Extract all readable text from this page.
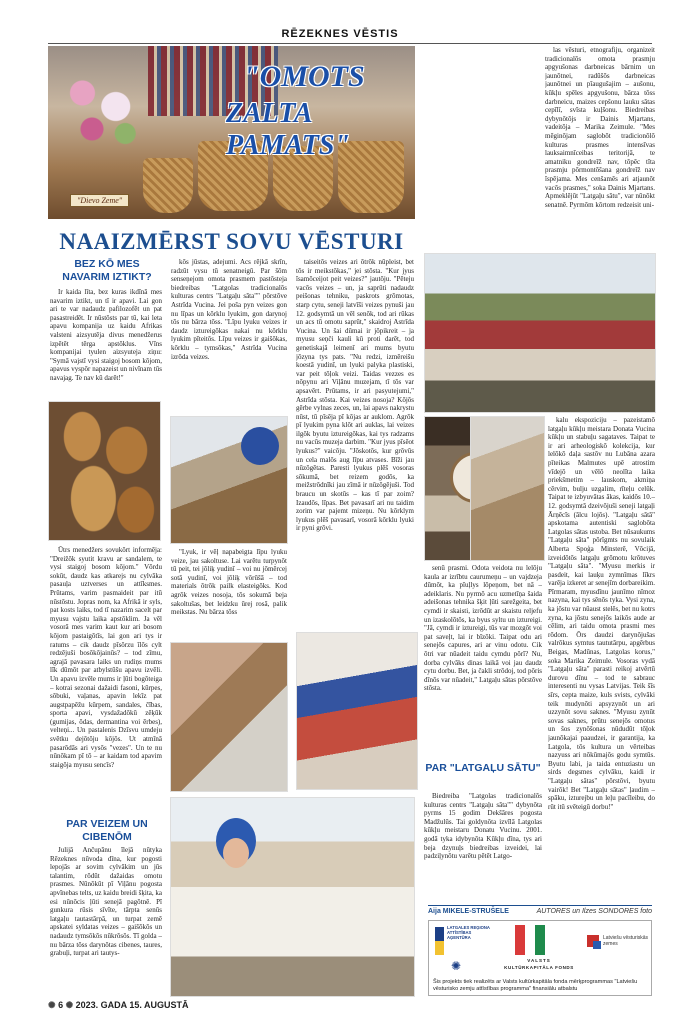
RĒZEKNES VĒSTIS
"OMOTS
ZALTA PAMATS"
"Dievo Zeme"
NAAIZMĒRST SOVU VĒSTURI
BEZ KŌ MES NAVARIM IZTIKT?

Ir kaida līta, bez kuras ikdīnā mes navarim iztikt, un tī ir apavi. Lai gon ari te var nadaudz pafilozofēt un pat pasastreidēt. Ir nūstōsts par tū, kai leta apavu kompanija uz kaidu Afrikas valsteni aizsyutēja divus menedžerus izpētēt tērga apstōklus. Vīns kompanijai tyulen aizsyuteja ziņu: "Symā vajstī vysi staigoj bosom kōjom, apavus vyspōr napazeist un nivīnam tūs navajag. Te nav kū darēt!"

Ūtrs menedžers sovukōrt informēja: "Dreižōk syutit kravu ar sandalem, te vysi staigoj bosom kōjom." Vōrdu sokūt, daudz kas atkarejs nu cylvāka pasauļa uztverses un attīksmes. Prūtams, varim pasmaideit par itū nūstōstu. Jopras nom, ka Afrikā ir syls, pat kosts laiks, tod tī nazarim sacelt par myusu vajstu laika apstōklim. Ja vēl vosorā mes varim kaut kur ari bosom kōjom pastaigōtīs, lai gon ari tys ir ratums – cik daudz pīsōrzu īlōs cylt redzējuši bosōkōjainūs? – tod zīmu, agrajā pavasara laiks un rudiņs mums līk dūmōt par atbylstūšu apavu izvēli. Un apavu izvēle mums ir ļūti bogōteiga – kotrai sezonai dažaidi fasoni, kūrpes, sōbuki, vaļanas, apavin lekīz pat augstpapēžu kūrpem, sandales, čības, sporta apavi, vysdažadōkū zēķūk (gumijas, ōdas, dermantina voi ērbes), velteņi... Un pastalenis Dzīsvu umdeju svētku dejōtōju kōjōs. Ut atmīnā pasarōdās ari vysōs "vezes". Un te nu nūnōkam pī tō – ar kaidam tod apavim staigōja myusu sencīs?

PAR VEIZEM UN CIBENŌM

Julijā Ančupānu īlejā nūtyka Rēzeknes nūvoda dīna, kur pogosti lepojās ar sovim cylvākim un jūs talantim, rōdūt dažaidas omotu prasmes. Nūnōkūt pī Viļānu pogosta apvīnebas telts, uz kaidu breidi šķita, ka esi nūnōcis ļūti senejā pagōtnē. Pī gunkura rūsis sīvīte, tārpta senūs latgaļu tautastārpā, un turpat zemē apskatei syldatas veizes – gaišōkōs un nadaudz tymsōkōs nūkrōsōs. Tī golda – nu bārza tōss darynōtas cibenes, taures, grabuļi, turpat ari tautys-

kōs jūstas, adejumi. Acs rējkā skrīn, radzūt vysu tū senatneigū. Par šōm senseņejom omota prasmem pastōsteja biedreibas "Latgolas tradicionalōs kulturas centrs "Latgaļu sāta"" pōrstōve Astrīda Vucina. Jei poša pyn veizes gon nu līpas un kōrklu lyukim, gon darynoj tōs nu bārza tōss. "Līpu lyuku veizes ir daudz iztureigōkas nakai nu kōrklu lyukim pīteitōs. Līpu veizes ir gaišōkas, kōrklu – tymsōkas," Astrīda Vucina izrōda veizes.

"Lyuk, ir vēļ napabeigta līpu lyuku veize, jau sakoltuse. Lai varētu turpynōt tū peit, tei jōliķ yudinī – voi nu jōmērcej sotā yudinī, voi jōliķ vōrūšā – tod materials ōtrōk pailk elasteigōks. Kod agrōk veizes nosoja, tōs sokumā beja sakoltušas, bet leidzku ūrej rosā, palik meikstas. Nu bārza tōss

taiseitōs veizes ari ōtrōk nūpleist, bet tōs ir meikstōkas," jei stōsta. "Kur jyus īsamōceijot peit veizes?" jautōju. "Pēteju vacōs veizes – un, ja saprūti nadaudz peišonas tehniku, paskrots grōmotas, starp cytu, seneji latvīši veizes pynuši jau 12. godsymtā un vēl senōk, tod ari rūkas un acs tū omotu saprūt," skaidroj Astrīda Vucina. Un šai dūmai ir jōpikreit – ja myusu seņči kauli kū proti darēt, tod genetiskajā leimenī ari mums byutu jōzyna tys pats. "Nu redzi, izmēreišu koestā yudinī, un lyuki palyka plastiski, var peit tōļok veizi. Taidas vezzes es nōpynu ari Viļānu muzejam, tī tōs var apsavērt. Prūtams, ir ari pasyutejumi," Astrīda stōsta. Kai veizes nosoja? Kōjōs gērbe vylnas zeces, un, lai apavs nakrystu nūst, tū pīsēja pī kōjas ar auklom. Agrōk pī lyukim pyna klōt ari auklas, lai veizes ilgōk byutu iztureigōkas, kai tys radzams nu vacūs muzeja darbim. "Kur jyus pīsēot lyukus?" vaicōju. "Jōskotōs, kur grōvūs un cela malōs aug līpu atvases. Bīži jau nūzōgētas. Paresti lyukus plēš vosoras sōkumā, bet reizem godōs, ka meižstrōdnīki jau zīmā ir nūzōgējuši. Tod braucu un skotūs – kas tī par zoim? Izaudōs, līpas. Bet pavasarī ari nu taidim zorim var pajemt mizeņu. Nu kōrklym lyukus plēš pavasarī, vosorā kōrklu lyuki ir pyni grōvi.

senū prasmi. Odota veidota nu lelōju kaula ar izrībtu caurumeņu – un vajdzeja dūmōt, ka pīuļlys lōpeņom, bet nā – adeiklaris. Nu pyrmō acu uzmetīņa šaida adeišonas tehnika šķit ļūti sarežgeita, bet cymdi ir skaisti, izrōdūt ar skaistu reljefu un izaskolōtōs, ka byus syltu un iztureigi. "Jā, cymdi ir iztureigi, tūs var mozgōt voi pat saveļt, lai ir bīzōki. Taipat odu ari senejōs capures, ari ar vinu odotu. Cik ōtri var nūadeit taidu cymdu pōrī? Nu, dorba cylvāks dinas laikā voi jau daudz cytu dorbu. Bet, ja čakli strōdoj, tod pōris dīnōs var nūadeit," Latgaļu sātas pōrstōve stōsta.

PAR "LATGAĻU SĀTU"

Biedreiba "Latgolas tradicionalōs kulturas centrs "Latgaļu sāta"" dybynōta pyrms 15 godim Dekšāres pogosta Madžulūs. Tai goldynōta izvīlā Latgolas kūkļu meistaru Donatu Vucinu. 2001. godā tyka idybynōta Kūkļu dīna, tys ari beja dzynuļs biedreibas izveidei, lai padziļynōtu varētu pētēt Latgo-

las vēsturi, etnografiju, organizeit tradicionalōs omota prasmju apgyušonas darbneicas bārnim un jaunōtnei, radūšōs darbneicas jaunōtnei un pīaugušajim – aušonu, kūkļu spēles apgyušonu, bārza tōss darbneicu, maizes cepšonu lauku sātas cepīlī, svīsta kuļšonu. Biedreibas dybynōtōjs ir Dainis Mjartans, vadeitōja – Marika Zeimule. "Mes mēginōjam saglobōt tradicionōlō kulturas prasmes intensīvas lauksaimnīceibas teritorijā, te amatniku gondreīž nav, tōpēc tīta prasmju pōrmontōšana gondreīž nav īspējama. Mes cenšamēs ari atjaunōt vacōs prasmes," soka Dainis Mjartans. Apmeklējūt "Latgaļu sātu", var nūnōkt senatnē. Pyrmōm kōrtom redzeisit uni-

kalu ekspoziciju – pazeistamō latgaļu kūkļu meistara Donata Vucina kūkļu un stabuļu sagataves. Taipat te ir ari arheologiskō kolekcija, kur lelōkō daļa sastōv nu Lubāna azara pīteikas Malmutes upē atrostim vīdejō un vēlō neolīta laika priekšmetim – lauskom, akmiņa cērvim, bulju uzgalim, rīteļu celūk. Taipat te izbyuvātas ākas, kaidōs 10.–12. godsymtā dzeivōjuši seneji latgaļi Ārņēcīs (ālcu lojōs). "Latgaļu sātā" apskotama autentiski saglobōta Latgolas sātas ustoba. Bet nūsaukums "Latgaļu sāta" pōrīgmts nu sovulaik Alberta Spoģa Minsterē, Vōcijā, izveidōtōs latgaļu grōmotu krōtuves "Latgaļu sāta". "Myusu merkis ir pasdeit, kai lauķu zymnīmas līkrs varēja izkeret ar senejīm dorbareikim. Pīrmaram, myusdīnu jaunīmo nīmoz nazyna, kai tys sēnōs tyka. Vysi zyna, ka jōstu var nūaust stelēs, bet nu kotrs zyna, ka jōstu senejōs laikōs aude ar cēlim, ari taidu omota prasmi mes rōdom. Ōrs daudzi darynōjušas valrōkus symtus taututārpu, apgērbus Beigas, Madūnas, Latgolas korus," soka Marika Zeimule. Vosoras vydā "Latgaļu sāta" parasti reikoj atvērtū durovu dīnu – tod te sabrauc interesenti nu vysas Latvijas. Teik šīs sīrs, cepta maize, kuls svists, cylvāki teik mudynōti apsyzynōt un ari uzzynōt sovu saknes. "Myusu zynūt sovas saknes, prūtu senejōs omotus un šos zynōšonas nūdudūt tōļok jaunōkajai paaudzei, ir garantija, ka Latgola, tōs kultura un vērteibas nazyuss ari nōkūmajōs godu symtūs. Byutu labi, ja taida entuziastu un sirds degsmes cylvāku, kaidi ir "Latgaļu sātas" pōrstōvi, byutu vairōk! Bet "Latgaļu sātas" ļaudim – spāku, izturejbu un leļu pacīleibu, do rūt itū svēteigū dorbu!"

Aija MIKELE-STRUŠELE	AUTORES un Ilzes SONDORES foto
LATGALES REĢIONA ATTĪSTĪBAS AĢENTŪRA
✺	VALSTS
KULTŪRKAPITĀLA FONDS
Latviešu vēsturiskās zemes
Šis projekts tiek realizēts ar Valsts kultūrkapitāla fonda mērķprogrammas "Latviešu vēsturisko zemju attīstības programma" finansiālu atbalstu
✺ 6 ✺ 2023. GADA 15. AUGUSTĀ
